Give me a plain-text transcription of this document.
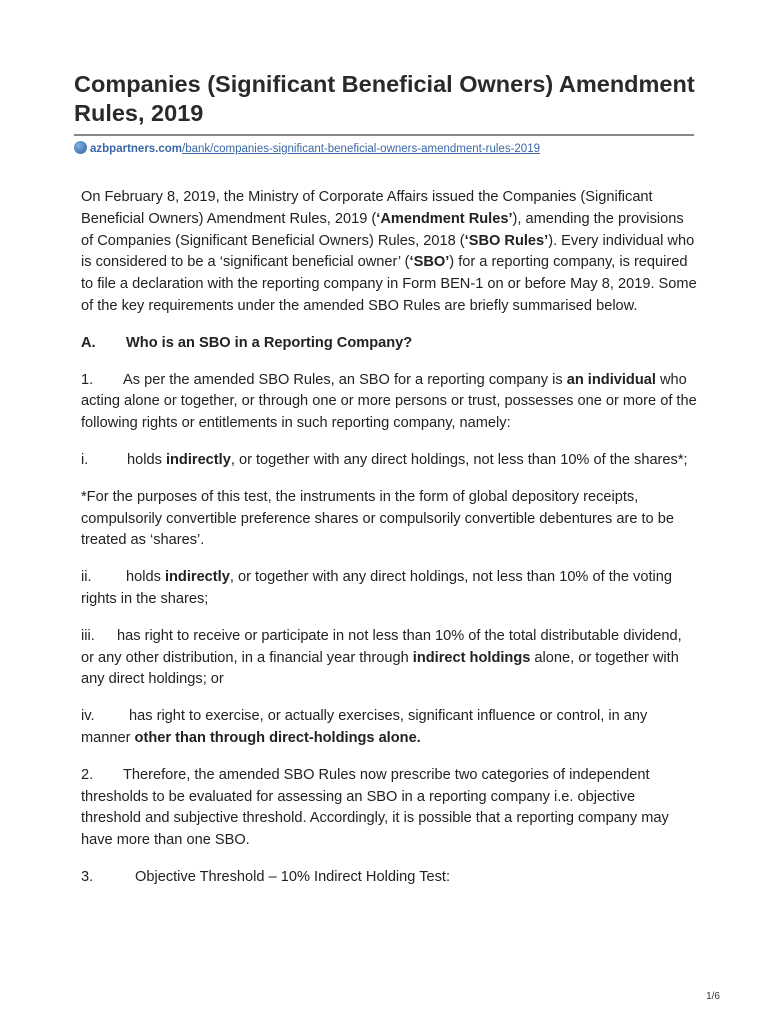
Companies (Significant Beneficial Owners) Amendment Rules, 2019
azbpartners.com/bank/companies-significant-beneficial-owners-amendment-rules-2019

On February 8, 2019, the Ministry of Corporate Affairs issued the Companies (Significant Beneficial Owners) Amendment Rules, 2019 (‘Amendment Rules’), amending the provisions of Companies (Significant Beneficial Owners) Rules, 2018 (‘SBO Rules’). Every individual who is considered to be a ‘significant beneficial owner’ (‘SBO’) for a reporting company, is required to file a declaration with the reporting company in Form BEN-1 on or before May 8, 2019. Some of the key requirements under the amended SBO Rules are briefly summarised below.

A. Who is an SBO in a Reporting Company?

1. As per the amended SBO Rules, an SBO for a reporting company is an individual who acting alone or together, or through one or more persons or trust, possesses one or more of the following rights or entitlements in such reporting company, namely:

i.	holds indirectly, or together with any direct holdings, not less than 10% of the shares*;

*For the purposes of this test, the instruments in the form of global depository receipts, compulsorily convertible preference shares or compulsorily convertible debentures are to be treated as ‘shares’.

ii. holds indirectly, or together with any direct holdings, not less than 10% of the voting rights in the shares;

iii. has right to receive or participate in not less than 10% of the total distributable dividend, or any other distribution, in a financial year through indirect holdings alone, or together with any direct holdings; or

iv. has right to exercise, or actually exercises, significant influence or control, in any manner other than through direct-holdings alone.

2. Therefore, the amended SBO Rules now prescribe two categories of independent thresholds to be evaluated for assessing an SBO in a reporting company i.e. objective threshold and subjective threshold. Accordingly, it is possible that a reporting company may have more than one SBO.

3.	Objective Threshold – 10% Indirect Holding Test:

1/6
